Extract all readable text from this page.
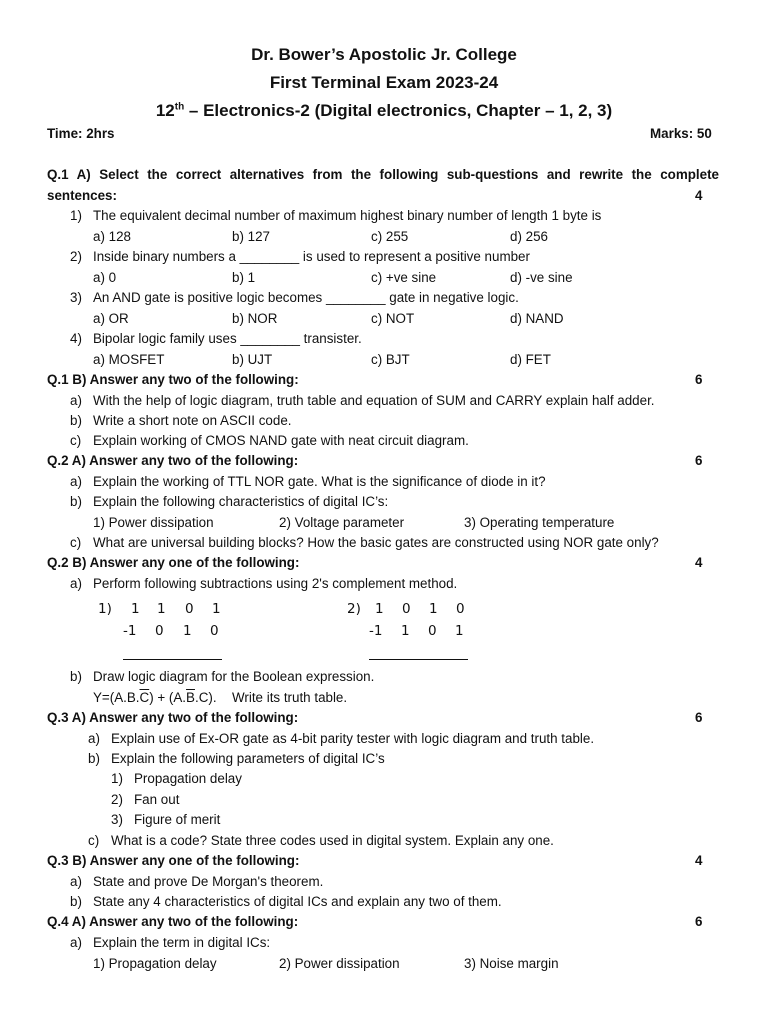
Dr. Bower’s Apostolic Jr. College
First Terminal Exam 2023-24
12th – Electronics-2 (Digital electronics, Chapter – 1, 2, 3)
Time: 2hrs	Marks: 50
Q.1 A) Select the correct alternatives from the following sub-questions and rewrite the complete
sentences:	4
1) The equivalent decimal number of maximum highest binary number of length 1 byte is
a) 128	b) 127	c) 255	d) 256
2) Inside binary numbers a ________ is used to represent a positive number
a) 0	b) 1	c) +ve sine	d) -ve sine
3) An AND gate is positive logic becomes ________ gate in negative logic.
a) OR	b) NOR	c) NOT	d) NAND
4) Bipolar logic family uses ________ transister.
a) MOSFET	b) UJT	c) BJT	d) FET
Q.1 B) Answer any two of the following:	6
a) With the help of logic diagram, truth table and equation of SUM and CARRY explain half adder.
b) Write a short note on ASCII code.
c) Explain working of CMOS NAND gate with neat circuit diagram.
Q.2 A) Answer any two of the following:	6
a) Explain the working of TTL NOR gate. What is the significance of diode in it?
b) Explain the following characteristics of digital IC’s:
1) Power dissipation	2) Voltage parameter	3) Operating temperature
c) What are universal building blocks? How the basic gates are constructed using NOR gate only?
Q.2 B) Answer any one of the following:	4
a) Perform following subtractions using 2's complement method.
1) 1 1 0 1
-1 0 1 0
2) 1 0 1 0
-1 1 0 1
b) Draw logic diagram for the Boolean expression.
$Y=(A.B.\overline{C}) + (A.\overline{B}.C)$. Write its truth table.
Q.3 A) Answer any two of the following:	6
a) Explain use of Ex-OR gate as 4-bit parity tester with logic diagram and truth table.
b) Explain the following parameters of digital IC’s
1) Propagation delay
2) Fan out
3) Figure of merit
c) What is a code? State three codes used in digital system. Explain any one.
Q.3 B) Answer any one of the following:	4
a) State and prove De Morgan's theorem.
b) State any 4 characteristics of digital ICs and explain any two of them.
Q.4 A) Answer any two of the following:	6
a) Explain the term in digital ICs:
1) Propagation delay	2) Power dissipation	3) Noise margin
